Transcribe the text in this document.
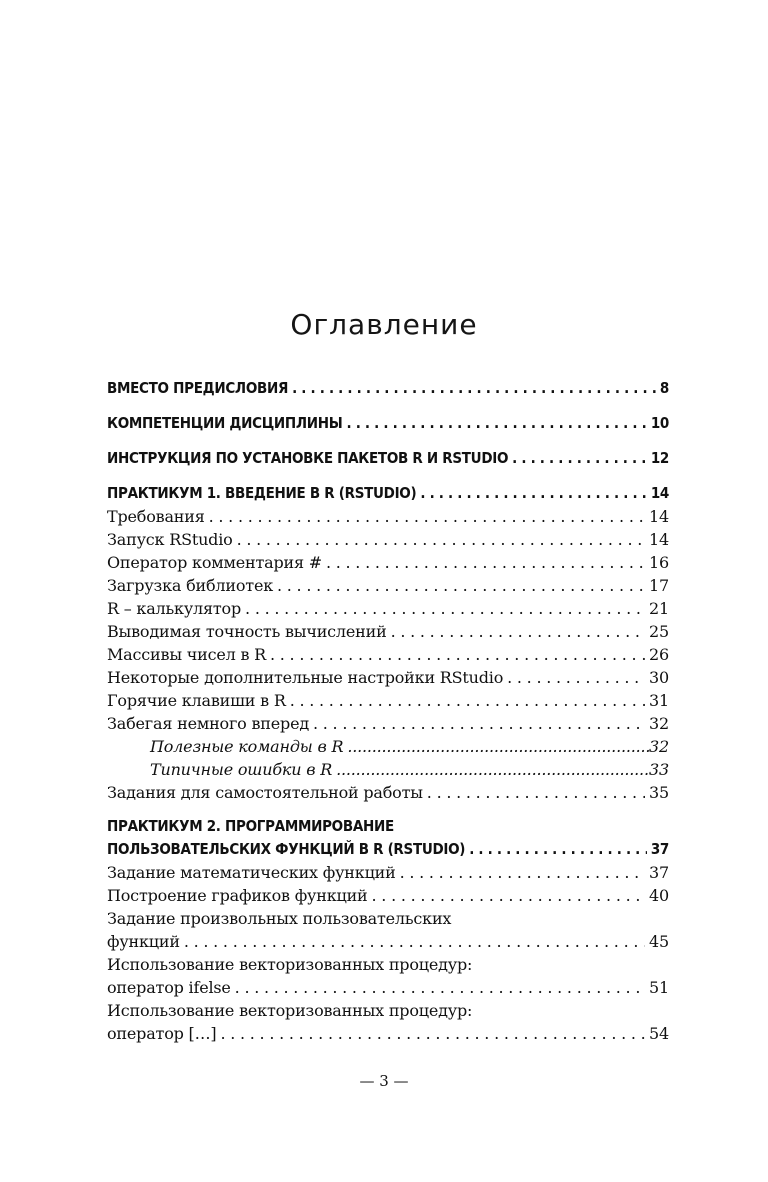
Оглавление
ВМЕСТО ПРЕДИСЛОВИЯ . . .	8
КОМПЕТЕНЦИИ ДИСЦИПЛИНЫ . . .	10
ИНСТРУКЦИЯ ПО УСТАНОВКЕ ПАКЕТОВ R И RSTUDIO . . .	12
ПРАКТИКУМ 1. ВВЕДЕНИЕ В R (RSTUDIO) . . .	14
Требования . . .	14
Запуск RStudio . . .	14
Оператор комментария # . . .	16
Загрузка библиотек . . .	17
R – калькулятор . . .	21
Выводимая точность вычислений . . .	25
Массивы чисел в R . . .	26
Некоторые дополнительные настройки RStudio . . .	30
Горячие клавиши в R . . .	31
Забегая немного вперед . . .	32
Полезные команды в R .....	32
Типичные ошибки в R .....	33
Задания для самостоятельной работы . . .	35
ПРАКТИКУМ 2. ПРОГРАММИРОВАНИЕ
ПОЛЬЗОВАТЕЛЬСКИХ ФУНКЦИЙ В R (RSTUDIO) . . .	37
Задание математических функций . . .	37
Построение графиков функций . . .	40
Задание произвольных пользовательских
функций . . .	45
Использование векторизованных процедур:
оператор ifelse . . .	51
Использование векторизованных процедур:
оператор […] . . .	54
— 3 —
